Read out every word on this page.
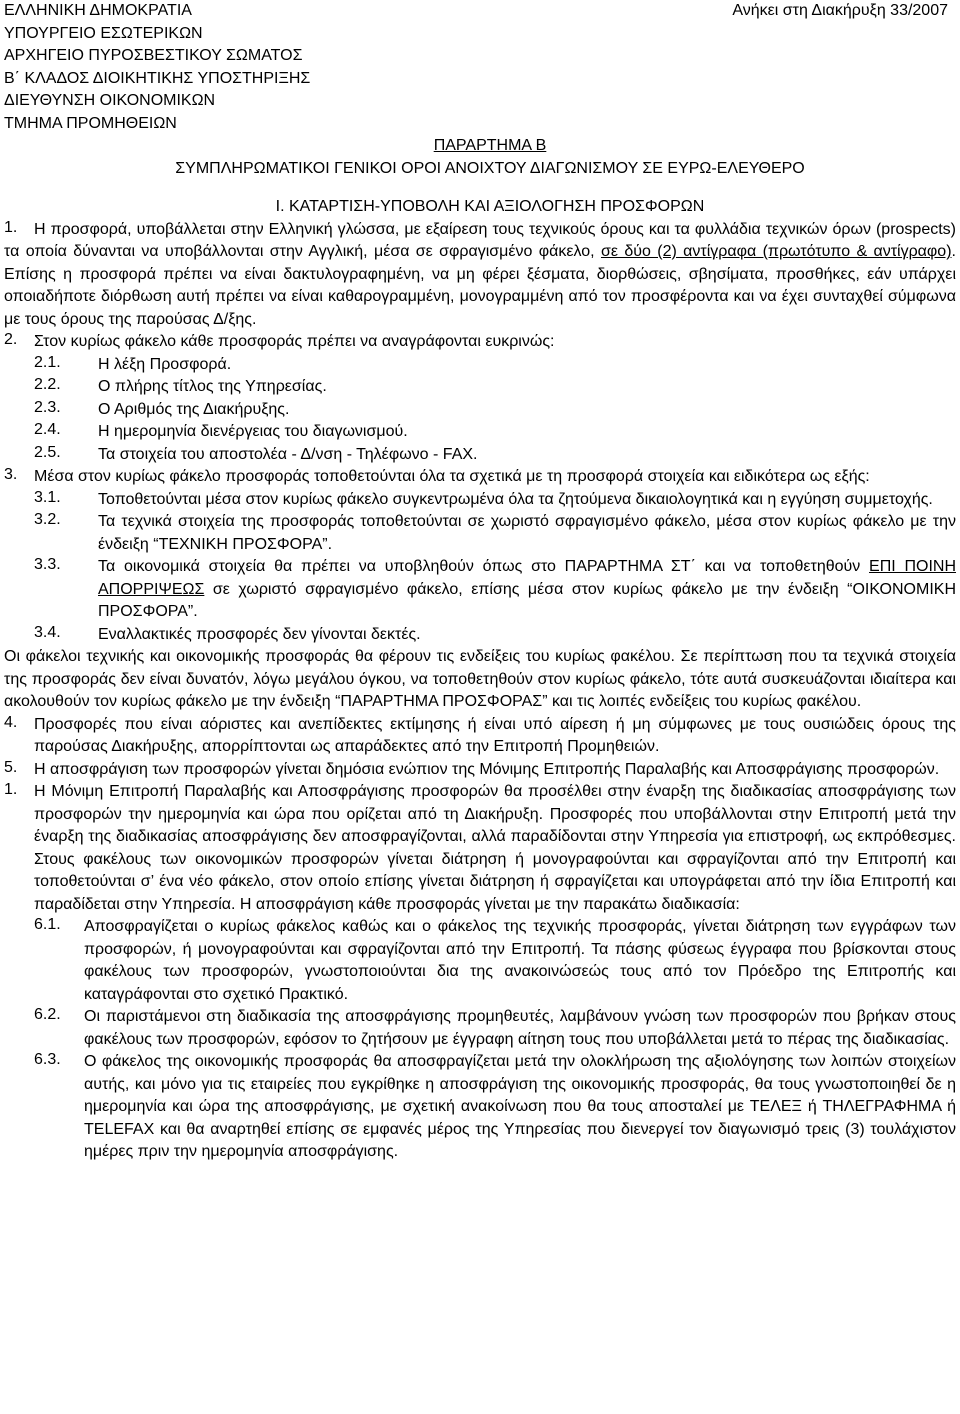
ΕΛΛΗΝΙΚΗ ΔΗΜΟΚΡΑΤΙΑ	Ανήκει στη Διακήρυξη 33/2007
ΥΠΟΥΡΓΕΙΟ ΕΣΩΤΕΡΙΚΩΝ
ΑΡΧΗΓΕΙΟ ΠΥΡΟΣΒΕΣΤΙΚΟΥ ΣΩΜΑΤΟΣ
Β΄ ΚΛΑΔΟΣ ΔΙΟΙΚΗΤΙΚΗΣ ΥΠΟΣΤΗΡΙΞΗΣ
ΔΙΕΥΘΥΝΣΗ ΟΙΚΟΝΟΜΙΚΩΝ
ΤΜΗΜΑ ΠΡΟΜΗΘΕΙΩΝ
ΠΑΡΑΡΤΗΜΑ Β
ΣΥΜΠΛΗΡΩΜΑΤΙΚΟΙ ΓΕΝΙΚΟΙ ΟΡΟΙ ΑΝΟΙΧΤΟΥ ΔΙΑΓΩΝΙΣΜΟΥ ΣΕ ΕΥΡΩ-ΕΛΕΥΘΕΡΟ
Ι. ΚΑΤΑΡΤΙΣΗ-ΥΠΟΒΟΛΗ ΚΑΙ ΑΞΙΟΛΟΓΗΣΗ ΠΡΟΣΦΟΡΩΝ
1.	Η προσφορά, υποβάλλεται στην Ελληνική γλώσσα, με εξαίρεση τους τεχνικούς όρους και τα φυλλάδια τεχνικών όρων (prospects) τα οποία δύνανται να υποβάλλονται στην Αγγλική, μέσα σε σφραγισμένο φάκελο, σε δύο (2) αντίγραφα (πρωτότυπο & αντίγραφο). Επίσης η προσφορά πρέπει να είναι δακτυλογραφημένη, να μη φέρει ξέσματα, διορθώσεις, σβησίματα, προσθήκες, εάν υπάρχει οποιαδήποτε διόρθωση αυτή πρέπει να είναι καθαρογραμμένη, μονογραμμένη από τον προσφέροντα και να έχει συνταχθεί σύμφωνα με τους όρους της παρούσας Δ/ξης.
2.	Στον κυρίως φάκελο κάθε προσφοράς πρέπει να αναγράφονται ευκρινώς:
2.1.	Η λέξη Προσφορά.
2.2.	Ο πλήρης τίτλος της Υπηρεσίας.
2.3.	Ο Αριθμός της Διακήρυξης.
2.4.	Η ημερομηνία διενέργειας του διαγωνισμού.
2.5.	Τα στοιχεία του αποστολέα - Δ/νση - Τηλέφωνο - FAX.
3.	Μέσα στον κυρίως φάκελο προσφοράς τοποθετούνται όλα τα σχετικά με τη προσφορά στοιχεία και ειδικότερα ως εξής:
3.1.	Τοποθετούνται μέσα στον κυρίως φάκελο συγκεντρωμένα όλα τα ζητούμενα δικαιολογητικά και η εγγύηση συμμετοχής.
3.2.	Τα τεχνικά στοιχεία της προσφοράς τοποθετούνται σε χωριστό σφραγισμένο φάκελο, μέσα στον κυρίως φάκελο με την ένδειξη “ΤΕΧΝΙΚΗ ΠΡΟΣΦΟΡΑ”.
3.3.	Τα οικονομικά στοιχεία θα πρέπει να υποβληθούν όπως στο ΠΑΡΑΡΤΗΜΑ ΣΤ΄ και να τοποθετηθούν ΕΠΙ ΠΟΙΝΗ ΑΠΟΡΡΙΨΕΩΣ σε χωριστό σφραγισμένο φάκελο, επίσης μέσα στον κυρίως φάκελο με την ένδειξη “ΟΙΚΟΝΟΜΙΚΗ ΠΡΟΣΦΟΡΑ”.
3.4.	Εναλλακτικές προσφορές δεν γίνονται δεκτές.
Οι φάκελοι τεχνικής και οικονομικής προσφοράς θα φέρουν τις ενδείξεις του κυρίως φακέλου. Σε περίπτωση που τα τεχνικά στοιχεία της προσφοράς δεν είναι δυνατόν, λόγω μεγάλου όγκου, να τοποθετηθούν στον κυρίως φάκελο, τότε αυτά συσκευάζονται ιδιαίτερα και ακολουθούν τον κυρίως φάκελο με την ένδειξη “ΠΑΡΑΡΤΗΜΑ ΠΡΟΣΦΟΡΑΣ” και τις λοιπές ενδείξεις του κυρίως φακέλου.
4.	Προσφορές που είναι αόριστες και ανεπίδεκτες εκτίμησης ή είναι υπό αίρεση ή μη σύμφωνες με τους ουσιώδεις όρους της παρούσας Διακήρυξης, απορρίπτονται ως απαράδεκτες από την Επιτροπή Προμηθειών.
5.	Η αποσφράγιση των προσφορών γίνεται δημόσια ενώπιον της Μόνιμης Επιτροπής Παραλαβής και Αποσφράγισης προσφορών.
1.	Η Μόνιμη Επιτροπή Παραλαβής και Αποσφράγισης προσφορών θα προσέλθει στην έναρξη της διαδικασίας αποσφράγισης των προσφορών την ημερομηνία και ώρα που ορίζεται από τη Διακήρυξη. Προσφορές που υποβάλλονται στην Επιτροπή μετά την έναρξη της διαδικασίας αποσφράγισης δεν αποσφραγίζονται, αλλά παραδίδονται στην Υπηρεσία για επιστροφή, ως εκπρόθεσμες. Στους φακέλους των οικονομικών προσφορών γίνεται διάτρηση ή μονογραφούνται και σφραγίζονται από την Επιτροπή και τοποθετούνται σ’ ένα νέο φάκελο, στον οποίο επίσης γίνεται διάτρηση ή σφραγίζεται και υπογράφεται από την ίδια Επιτροπή και παραδίδεται στην Υπηρεσία. Η αποσφράγιση κάθε προσφοράς γίνεται με την παρακάτω διαδικασία:
6.1.	Αποσφραγίζεται ο κυρίως φάκελος καθώς και ο φάκελος της τεχνικής προσφοράς, γίνεται διάτρηση των εγγράφων των προσφορών, ή μονογραφούνται και σφραγίζονται από την Επιτροπή. Τα πάσης φύσεως έγγραφα που βρίσκονται στους φακέλους των προσφορών, γνωστοποιούνται δια της ανακοινώσεώς τους από τον Πρόεδρο της Επιτροπής και καταγράφονται στο σχετικό Πρακτικό.
6.2.	Οι παριστάμενοι στη διαδικασία της αποσφράγισης προμηθευτές, λαμβάνουν γνώση των προσφορών που βρήκαν στους φακέλους των προσφορών, εφόσον το ζητήσουν με έγγραφη αίτηση τους που υποβάλλεται μετά το πέρας της διαδικασίας.
6.3.	Ο φάκελος της οικονομικής προσφοράς θα αποσφραγίζεται μετά την ολοκλήρωση της αξιολόγησης των λοιπών στοιχείων αυτής, και μόνο για τις εταιρείες που εγκρίθηκε η αποσφράγιση της οικονομικής προσφοράς, θα τους γνωστοποιηθεί δε η ημερομηνία και ώρα της αποσφράγισης, με σχετική ανακοίνωση που θα τους αποσταλεί με ΤΕΛΕΞ ή ΤΗΛΕΓΡΑΦΗΜΑ ή TELEFAX και θα αναρτηθεί επίσης σε εμφανές μέρος της Υπηρεσίας που διενεργεί τον διαγωνισμό τρεις (3) τουλάχιστον ημέρες πριν την ημερομηνία αποσφράγισης.
